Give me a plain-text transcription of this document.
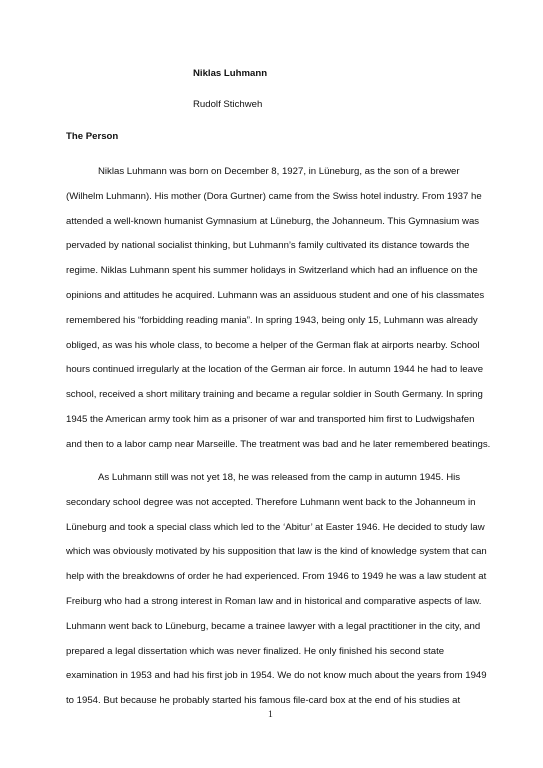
Niklas Luhmann
Rudolf Stichweh
The Person

Niklas Luhmann was born on December 8, 1927, in Lüneburg, as the son of a brewer
(Wilhelm Luhmann). His mother (Dora Gurtner) came from the Swiss hotel industry. From 1937 he
attended a well-known humanist Gymnasium at Lüneburg, the Johanneum. This Gymnasium was
pervaded by national socialist thinking, but Luhmann’s family cultivated its distance towards the
regime. Niklas Luhmann spent his summer holidays in Switzerland which had an influence on the
opinions and attitudes he acquired. Luhmann was an assiduous student and one of his classmates
remembered his “forbidding reading mania”. In spring 1943, being only 15, Luhmann was already
obliged, as was his whole class, to become a helper of the German flak at airports nearby. School
hours continued irregularly at the location of the German air force. In autumn 1944 he had to leave
school, received a short military training and became a regular soldier in South Germany. In spring
1945 the American army took him as a prisoner of war and transported him first to Ludwigshafen
and then to a labor camp near Marseille. The treatment was bad and he later remembered beatings.

As Luhmann still was not yet 18, he was released from the camp in autumn 1945. His
secondary school degree was not accepted. Therefore Luhmann went back to the Johanneum in
Lüneburg and took a special class which led to the ‘Abitur’ at Easter 1946. He decided to study law
which was obviously motivated by his supposition that law is the kind of knowledge system that can
help with the breakdowns of order he had experienced. From 1946 to 1949 he was a law student at
Freiburg who had a strong interest in Roman law and in historical and comparative aspects of law.
Luhmann went back to Lüneburg, became a trainee lawyer with a legal practitioner in the city, and
prepared a legal dissertation which was never finalized. He only finished his second state
examination in 1953 and had his first job in 1954. We do not know much about the years from 1949
to 1954. But because he probably started his famous file-card box at the end of his studies at

1
